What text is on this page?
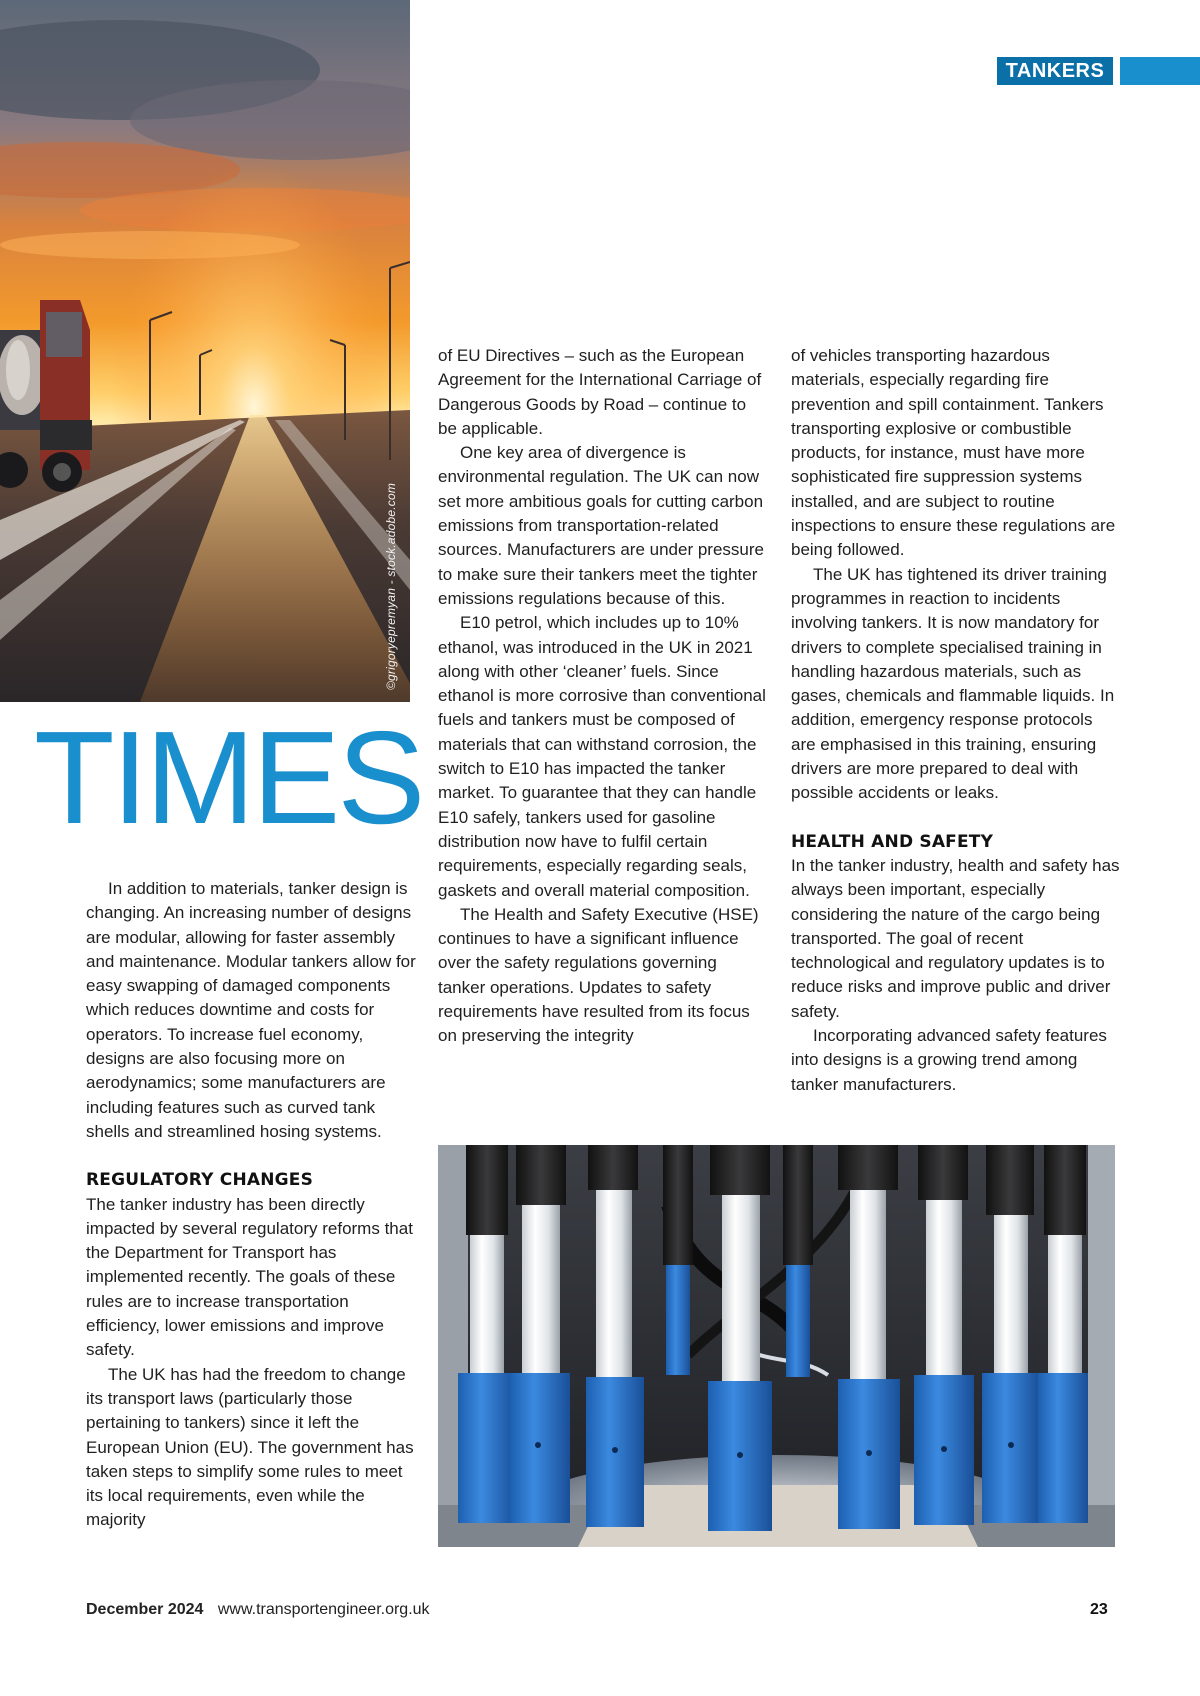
©grigoryepremyan - stock.adobe.com
TANKERS
TIMES

In addition to materials, tanker design is changing. An increasing number of designs are modular, allowing for faster assembly and maintenance. Modular tankers allow for easy swapping of damaged components which reduces downtime and costs for operators. To increase fuel economy, designs are also focusing more on aerodynamics; some manufacturers are including features such as curved tank shells and streamlined hosing systems.

REGULATORY CHANGES

The tanker industry has been directly impacted by several regulatory reforms that the Department for Transport has implemented recently. The goals of these rules are to increase transportation efficiency, lower emissions and improve safety.

The UK has had the freedom to change its transport laws (particularly those pertaining to tankers) since it left the European Union (EU). The government has taken steps to simplify some rules to meet its local requirements, even while the majority

of EU Directives – such as the European Agreement for the International Carriage of Dangerous Goods by Road – continue to be applicable.

One key area of divergence is environmental regulation. The UK can now set more ambitious goals for cutting carbon emissions from transportation-related sources. Manufacturers are under pressure to make sure their tankers meet the tighter emissions regulations because of this.

E10 petrol, which includes up to 10% ethanol, was introduced in the UK in 2021 along with other ‘cleaner’ fuels. Since ethanol is more corrosive than conventional fuels and tankers must be composed of materials that can withstand corrosion, the switch to E10 has impacted the tanker market. To guarantee that they can handle E10 safely, tankers used for gasoline distribution now have to fulfil certain requirements, especially regarding seals, gaskets and overall material composition.

The Health and Safety Executive (HSE) continues to have a significant influence over the safety regulations governing tanker operations. Updates to safety requirements have resulted from its focus on preserving the integrity

of vehicles transporting hazardous materials, especially regarding fire prevention and spill containment. Tankers transporting explosive or combustible products, for instance, must have more sophisticated fire suppression systems installed, and are subject to routine inspections to ensure these regulations are being followed.

The UK has tightened its driver training programmes in reaction to incidents involving tankers. It is now mandatory for drivers to complete specialised training in handling hazardous materials, such as gases, chemicals and flammable liquids. In addition, emergency response protocols are emphasised in this training, ensuring drivers are more prepared to deal with possible accidents or leaks.

HEALTH AND SAFETY

In the tanker industry, health and safety has always been important, especially considering the nature of the cargo being transported. The goal of recent technological and regulatory updates is to reduce risks and improve public and driver safety.

Incorporating advanced safety features into designs is a growing trend among tanker manufacturers.

December 2024 www.transportengineer.org.uk	23
